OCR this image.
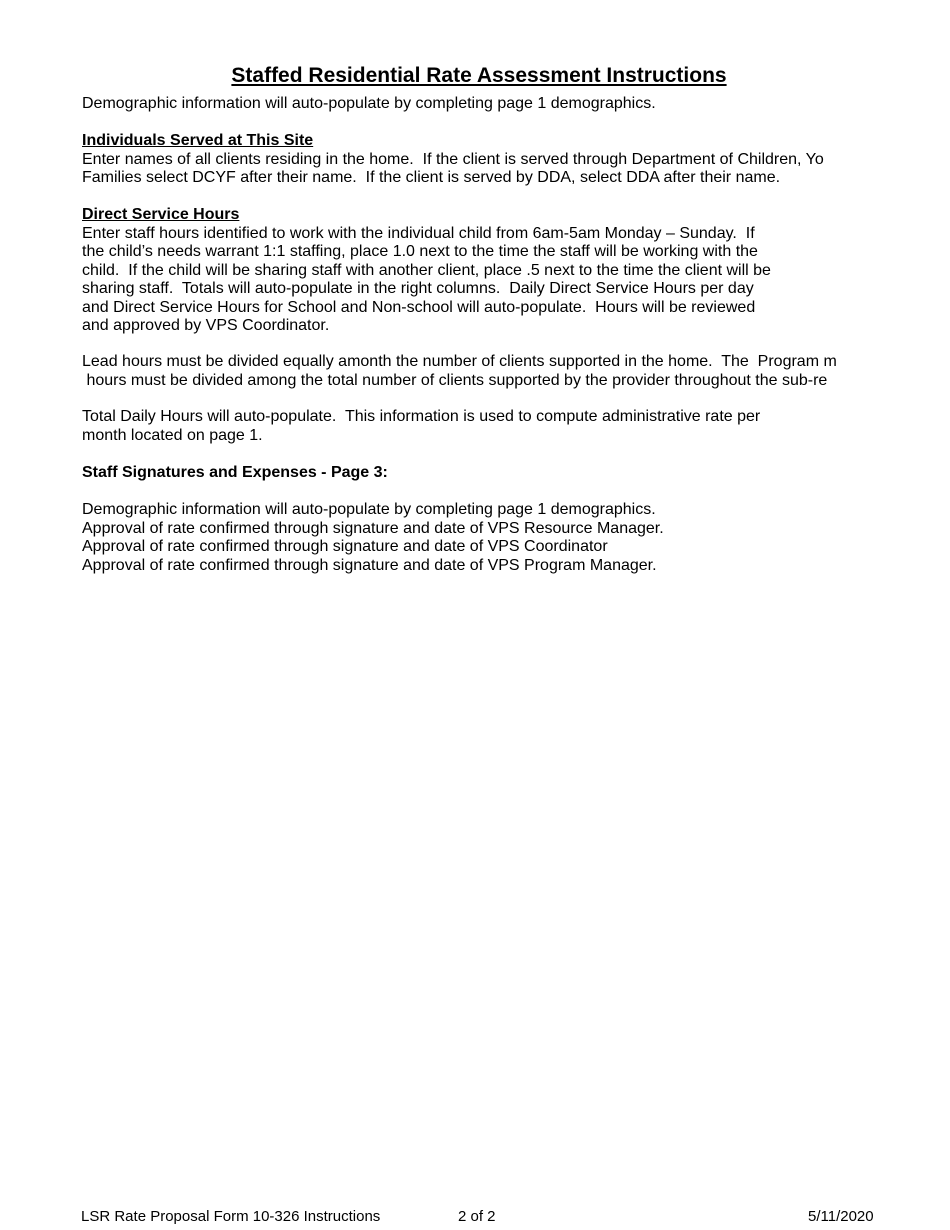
Staffed Residential Rate Assessment Instructions
Demographic information will auto-populate by completing page 1 demographics.
Individuals Served at This Site
Enter names of all clients residing in the home.  If the client is served through Department of Children, Yo
Families select DCYF after their name.  If the client is served by DDA, select DDA after their name.
Direct Service Hours
Enter staff hours identified to work with the individual child from 6am-5am Monday – Sunday.  If
the child’s needs warrant 1:1 staffing, place 1.0 next to the time the staff will be working with the
child.  If the child will be sharing staff with another client, place .5 next to the time the client will be
sharing staff.  Totals will auto-populate in the right columns.  Daily Direct Service Hours per day
and Direct Service Hours for School and Non-school will auto-populate.  Hours will be reviewed
and approved by VPS Coordinator.
Lead hours must be divided equally amonth the number of clients supported in the home.  The  Program m
hours must be divided among the total number of clients supported by the provider throughout the sub-re
Total Daily Hours will auto-populate.  This information is used to compute administrative rate per
month located on page 1.
Staff Signatures and Expenses - Page 3:
Demographic information will auto-populate by completing page 1 demographics.
Approval of rate confirmed through signature and date of VPS Resource Manager.
Approval of rate confirmed through signature and date of VPS Coordinator
Approval of rate confirmed through signature and date of VPS Program Manager.
LSR Rate Proposal Form 10-326 Instructions	2 of 2	5/11/2020
